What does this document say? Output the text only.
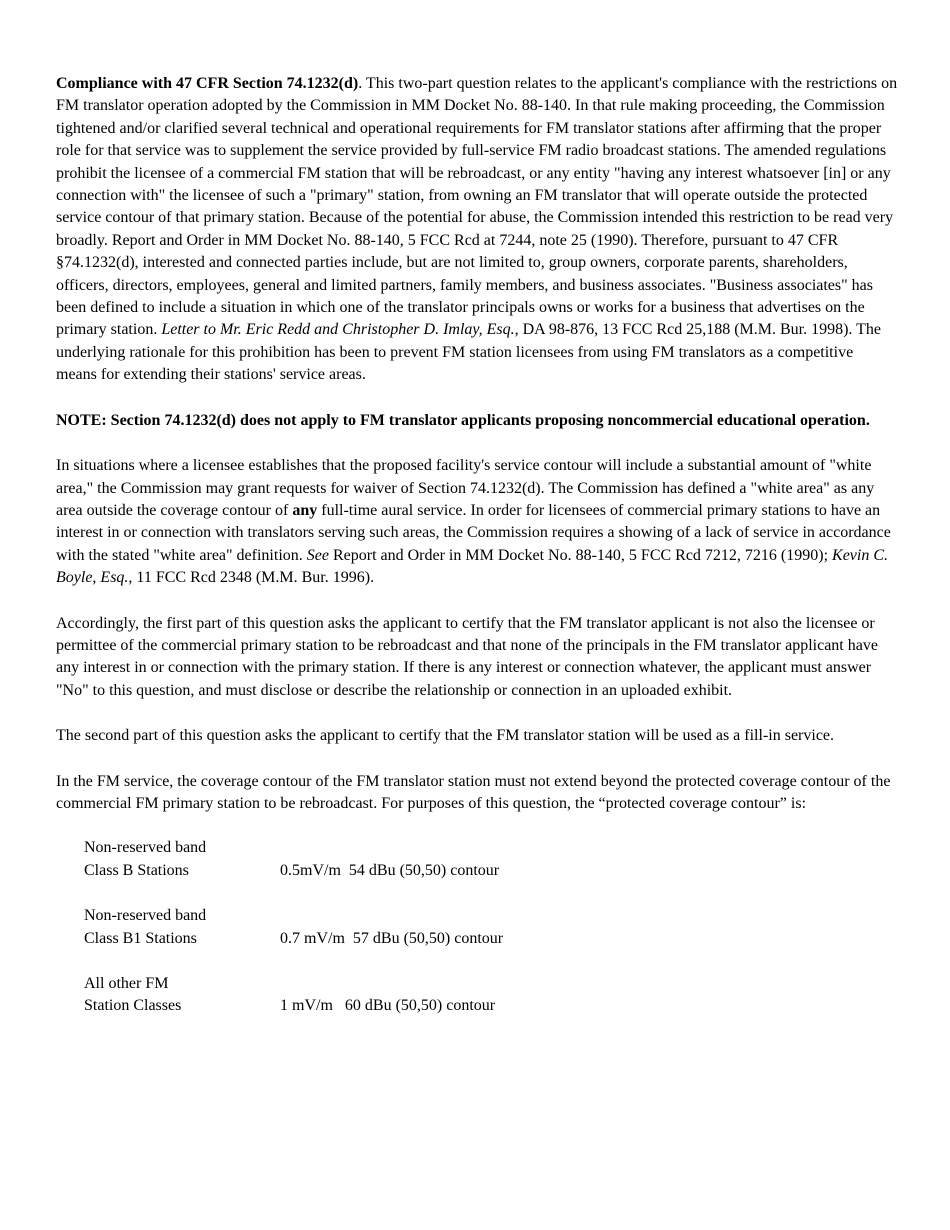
Compliance with 47 CFR Section 74.1232(d). This two-part question relates to the applicant's compliance with the restrictions on FM translator operation adopted by the Commission in MM Docket No. 88-140. In that rule making proceeding, the Commission tightened and/or clarified several technical and operational requirements for FM translator stations after affirming that the proper role for that service was to supplement the service provided by full-service FM radio broadcast stations. The amended regulations prohibit the licensee of a commercial FM station that will be rebroadcast, or any entity "having any interest whatsoever [in] or any connection with" the licensee of such a "primary" station, from owning an FM translator that will operate outside the protected service contour of that primary station. Because of the potential for abuse, the Commission intended this restriction to be read very broadly. Report and Order in MM Docket No. 88-140, 5 FCC Rcd at 7244, note 25 (1990). Therefore, pursuant to 47 CFR §74.1232(d), interested and connected parties include, but are not limited to, group owners, corporate parents, shareholders, officers, directors, employees, general and limited partners, family members, and business associates. "Business associates" has been defined to include a situation in which one of the translator principals owns or works for a business that advertises on the primary station. Letter to Mr. Eric Redd and Christopher D. Imlay, Esq., DA 98-876, 13 FCC Rcd 25,188 (M.M. Bur. 1998). The underlying rationale for this prohibition has been to prevent FM station licensees from using FM translators as a competitive means for extending their stations' service areas.

NOTE: Section 74.1232(d) does not apply to FM translator applicants proposing noncommercial educational operation.

In situations where a licensee establishes that the proposed facility's service contour will include a substantial amount of "white area," the Commission may grant requests for waiver of Section 74.1232(d). The Commission has defined a "white area" as any area outside the coverage contour of any full-time aural service. In order for licensees of commercial primary stations to have an interest in or connection with translators serving such areas, the Commission requires a showing of a lack of service in accordance with the stated "white area" definition. See Report and Order in MM Docket No. 88-140, 5 FCC Rcd 7212, 7216 (1990); Kevin C. Boyle, Esq., 11 FCC Rcd 2348 (M.M. Bur. 1996).

Accordingly, the first part of this question asks the applicant to certify that the FM translator applicant is not also the licensee or permittee of the commercial primary station to be rebroadcast and that none of the principals in the FM translator applicant have any interest in or connection with the primary station. If there is any interest or connection whatever, the applicant must answer "No" to this question, and must disclose or describe the relationship or connection in an uploaded exhibit.

The second part of this question asks the applicant to certify that the FM translator station will be used as a fill-in service.

In the FM service, the coverage contour of the FM translator station must not extend beyond the protected coverage contour of the commercial FM primary station to be rebroadcast. For purposes of this question, the “protected coverage contour” is:

Non-reserved band
Class B Stations	0.5mV/m  54 dBu (50,50) contour
Non-reserved band
Class B1 Stations	0.7 mV/m  57 dBu (50,50) contour
All other FM
Station Classes	1 mV/m   60 dBu (50,50) contour
